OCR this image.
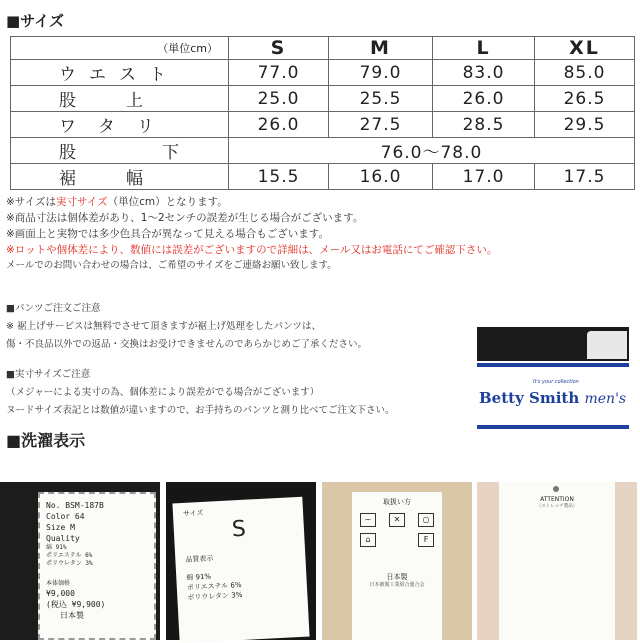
■サイズ
（単位cm）	S	M	L	XL
ウエスト	77.0	79.0	83.0	85.0
股上	25.0	25.5	26.0	26.5
ワタリ	26.0	27.5	28.5	29.5
股下	76.0〜78.0			
裾幅	15.5	16.0	17.0	17.5
※サイズは実寸サイズ（単位cm）となります。
※商品寸法は個体差があり、1〜2センチの誤差が生じる場合がございます。
※画面上と実物では多少色具合が異なって見える場合もございます。
※ロットや個体差により、数値には誤差がございますので詳細は、メール又はお電話にてご確認下さい。
メールでのお問い合わせの場合は、ご希望のサイズをご連絡お願い致します。
■パンツご注文ご注意
※ 裾上げサービスは無料でさせて頂きますが裾上げ処理をしたパンツは、
傷・不良品以外での返品・交換はお受けできませんのであらかじめご了承ください。
■実寸サイズご注意
（メジャーによる実寸の為、個体差により誤差がでる場合がございます）
ヌードサイズ表記とは数値が違いますので、お手持ちのパンツと測り比べてご注文下さい。
It's your collection
Betty Smith men's
■洗濯表示
No. BSM-187B
Color 64
Size M
Quality
綿 91%
ポリエステル 6%
ポリウレタン 3%
本体価格
¥9,000
(税込 ¥9,900)
日本製
サイズ
S
品質表示
綿 91%
ポリエステル 6%
ポリウレタン 3%
取扱い方
~	✕	○
⌂	F
日本製
日本被服工業組合連合会
ATTENTION
（ストレッチ製品）
